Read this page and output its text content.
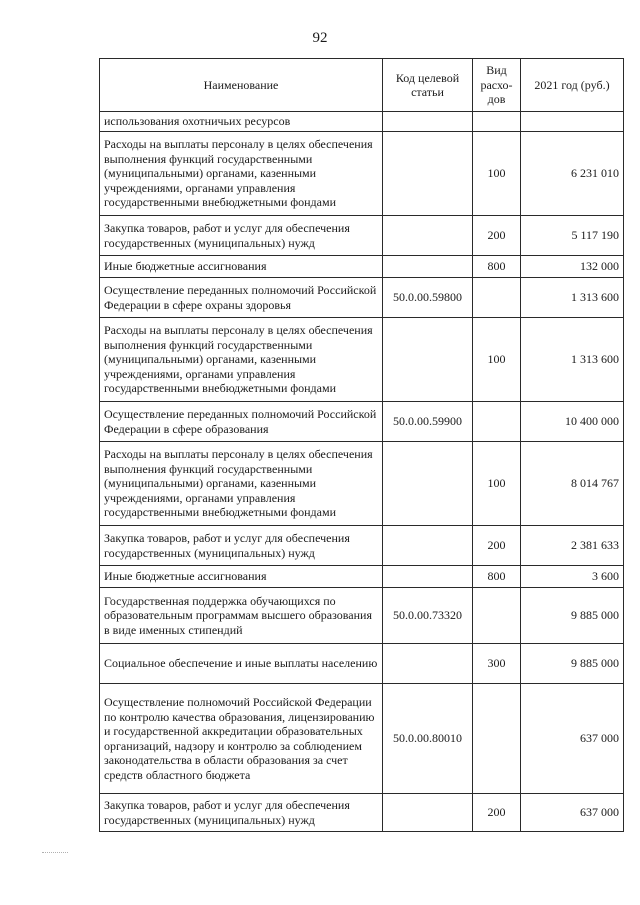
92
Наименование	Код целевой статьи	Вид расхо-дов	2021 год (руб.)
использования охотничьих ресурсов			
Расходы на выплаты персоналу в целях обеспечения выполнения функций государственными (муниципальными) органами, казенными учреждениями, органами управления государственными внебюджетными фондами		100	6 231 010
Закупка товаров, работ и услуг для обеспечения государственных (муниципальных) нужд		200	5 117 190
Иные бюджетные ассигнования		800	132 000
Осуществление переданных полномочий Российской Федерации в сфере охраны здоровья	50.0.00.59800		1 313 600
Расходы на выплаты персоналу в целях обеспечения выполнения функций государственными (муниципальными) органами, казенными учреждениями, органами управления государственными внебюджетными фондами		100	1 313 600
Осуществление переданных полномочий Российской Федерации в сфере образования	50.0.00.59900		10 400 000
Расходы на выплаты персоналу в целях обеспечения выполнения функций государственными (муниципальными) органами, казенными учреждениями, органами управления государственными внебюджетными фондами		100	8 014 767
Закупка товаров, работ и услуг для обеспечения государственных (муниципальных) нужд		200	2 381 633
Иные бюджетные ассигнования		800	3 600
Государственная поддержка обучающихся по образовательным программам высшего образования в виде именных стипендий	50.0.00.73320		9 885 000
Социальное обеспечение и иные выплаты населению		300	9 885 000
Осуществление полномочий Российской Федерации по контролю качества образования, лицензированию и государственной аккредитации образовательных организаций, надзору и контролю за соблюдением законодательства в области образования за счет средств областного бюджета	50.0.00.80010		637 000
Закупка товаров, работ и услуг для обеспечения государственных (муниципальных) нужд		200	637 000
